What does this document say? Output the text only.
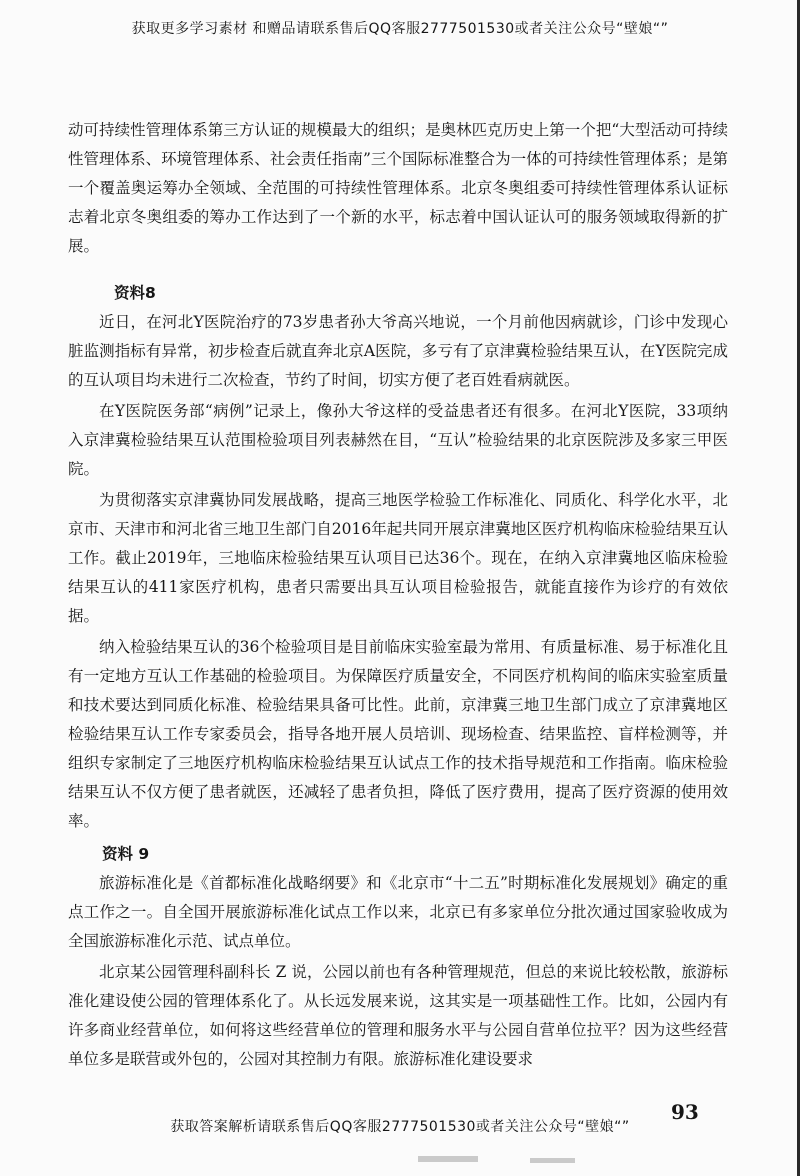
获取更多学习素材 和赠品请联系售后QQ客服2777501530或者关注公众号“壁娘“”

动可持续性管理体系第三方认证的规模最大的组织；是奥林匹克历史上第一个把“大型活动可持续性管理体系、环境管理体系、社会责任指南”三个国际标准整合为一体的可持续性管理体系；是第一个覆盖奥运筹办全领域、全范围的可持续性管理体系。北京冬奥组委可持续性管理体系认证标志着北京冬奥组委的筹办工作达到了一个新的水平，标志着中国认证认可的服务领域取得新的扩展。

资料8

近日，在河北Y医院治疗的73岁患者孙大爷高兴地说，一个月前他因病就诊，门诊中发现心脏监测指标有异常，初步检查后就直奔北京A医院，多亏有了京津冀检验结果互认，在Y医院完成的互认项目均未进行二次检查，节约了时间，切实方便了老百姓看病就医。

在Y医院医务部“病例”记录上，像孙大爷这样的受益患者还有很多。在河北Y医院，33项纳入京津冀检验结果互认范围检验项目列表赫然在目，“互认”检验结果的北京医院涉及多家三甲医院。

为贯彻落实京津冀协同发展战略，提高三地医学检验工作标准化、同质化、科学化水平，北京市、天津市和河北省三地卫生部门自2016年起共同开展京津冀地区医疗机构临床检验结果互认工作。截止2019年，三地临床检验结果互认项目已达36个。现在，在纳入京津冀地区临床检验结果互认的411家医疗机构，患者只需要出具互认项目检验报告，就能直接作为诊疗的有效依据。

纳入检验结果互认的36个检验项目是目前临床实验室最为常用、有质量标准、易于标准化且有一定地方互认工作基础的检验项目。为保障医疗质量安全，不同医疗机构间的临床实验室质量和技术要达到同质化标准、检验结果具备可比性。此前，京津冀三地卫生部门成立了京津冀地区检验结果互认工作专家委员会，指导各地开展人员培训、现场检查、结果监控、盲样检测等，并组织专家制定了三地医疗机构临床检验结果互认试点工作的技术指导规范和工作指南。临床检验结果互认不仅方便了患者就医，还减轻了患者负担，降低了医疗费用，提高了医疗资源的使用效率。

资料 9

旅游标准化是《首都标准化战略纲要》和《北京市“十二五”时期标准化发展规划》确定的重点工作之一。自全国开展旅游标准化试点工作以来，北京已有多家单位分批次通过国家验收成为全国旅游标准化示范、试点单位。

北京某公园管理科副科长 Z 说，公园以前也有各种管理规范，但总的来说比较松散，旅游标准化建设使公园的管理体系化了。从长远发展来说，这其实是一项基础性工作。比如，公园内有许多商业经营单位，如何将这些经营单位的管理和服务水平与公园自营单位拉平？因为这些经营单位多是联营或外包的，公园对其控制力有限。旅游标准化建设要求

93
获取答案解析请联系售后QQ客服2777501530或者关注公众号“壁娘“”
